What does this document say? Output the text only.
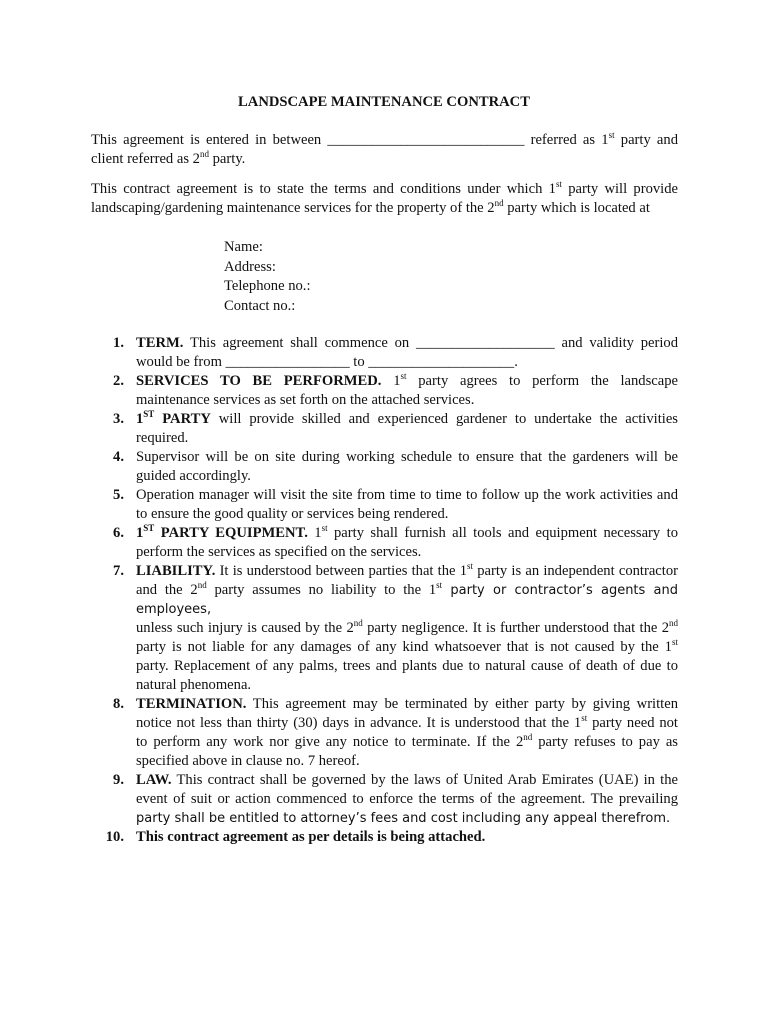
LANDSCAPE MAINTENANCE CONTRACT
This agreement is entered in between ___________________________ referred as 1st party and
client referred as 2nd party.
This contract agreement is to state the terms and conditions under which 1st party will provide
landscaping/gardening maintenance services for the property of the 2nd party which is located at
Name:
Address:
Telephone no.:
Contact no.:
1. TERM. This agreement shall commence on ___________________ and validity period
would be from _________________ to ____________________.
2. SERVICES TO BE PERFORMED. 1st party agrees to perform the landscape
maintenance services as set forth on the attached services.
3. 1ST PARTY will provide skilled and experienced gardener to undertake the activities
required.
4. Supervisor will be on site during working schedule to ensure that the gardeners will be
guided accordingly.
5. Operation manager will visit the site from time to time to follow up the work activities and
to ensure the good quality or services being rendered.
6. 1ST PARTY EQUIPMENT. 1st party shall furnish all tools and equipment necessary to
perform the services as specified on the services.
7. LIABILITY. It is understood between parties that the 1st party is an independent contractor
and the 2nd party assumes no liability to the 1st party or contractor’s agents and employees,
unless such injury is caused by the 2nd party negligence. It is further understood that the 2nd
party is not liable for any damages of any kind whatsoever that is not caused by the 1st
party. Replacement of any palms, trees and plants due to natural cause of death of due to
natural phenomena.
8. TERMINATION. This agreement may be terminated by either party by giving written
notice not less than thirty (30) days in advance. It is understood that the 1st party need not
to perform any work nor give any notice to terminate. If the 2nd party refuses to pay as
specified above in clause no. 7 hereof.
9. LAW. This contract shall be governed by the laws of United Arab Emirates (UAE) in the
event of suit or action commenced to enforce the terms of the agreement. The prevailing
party shall be entitled to attorney’s fees and cost including any appeal therefrom.
10. This contract agreement as per details is being attached.
